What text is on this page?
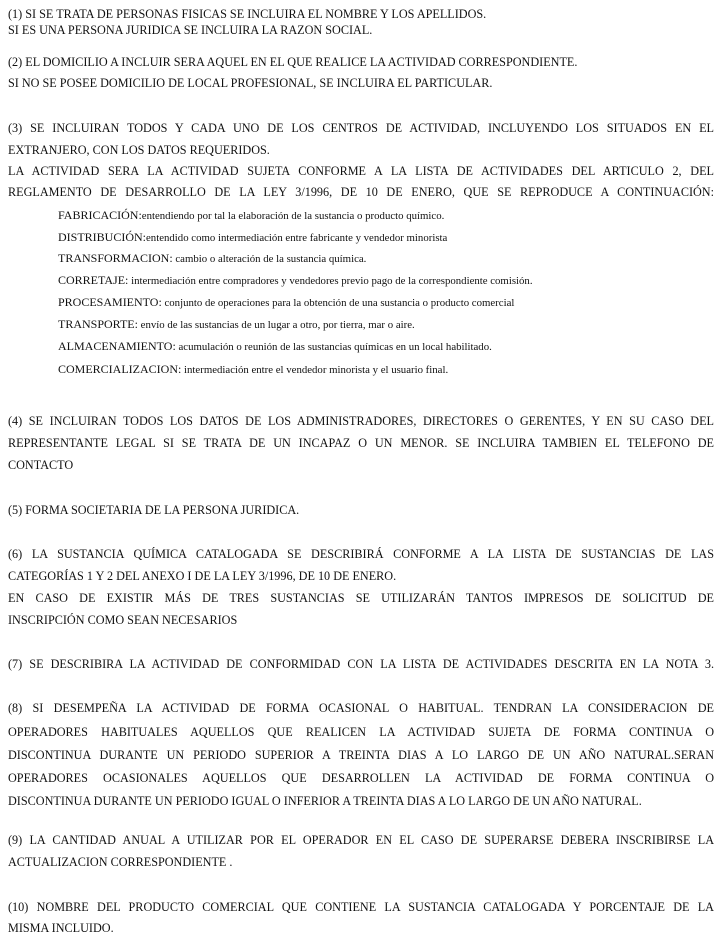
(1) SI SE TRATA DE PERSONAS FISICAS SE INCLUIRA EL NOMBRE Y LOS APELLIDOS.
SI ES UNA PERSONA JURIDICA SE INCLUIRA LA RAZON SOCIAL.
(2) EL DOMICILIO A INCLUIR SERA AQUEL EN EL QUE REALICE LA ACTIVIDAD CORRESPONDIENTE.
SI NO SE POSEE DOMICILIO DE LOCAL PROFESIONAL, SE INCLUIRA EL PARTICULAR.
(3) SE INCLUIRAN TODOS Y CADA UNO DE LOS CENTROS DE ACTIVIDAD, INCLUYENDO LOS SITUADOS EN EL
EXTRANJERO, CON LOS DATOS REQUERIDOS.
LA ACTIVIDAD SERA LA ACTIVIDAD SUJETA CONFORME A LA LISTA DE ACTIVIDADES DEL ARTICULO 2, DEL
REGLAMENTO DE DESARROLLO DE LA LEY 3/1996, DE 10 DE ENERO, QUE SE REPRODUCE A CONTINUACIÓN:
FABRICACIÓN:entendiendo por tal la elaboración de la sustancia o producto químico.
DISTRIBUCIÓN:entendido como intermediación entre fabricante y vendedor minorista
TRANSFORMACION: cambio o alteración de la sustancia química.
CORRETAJE: intermediación entre compradores y vendedores previo pago de la correspondiente comisión.
PROCESAMIENTO: conjunto de operaciones para la obtención de una sustancia o producto comercial
TRANSPORTE: envío de las sustancias de un lugar a otro, por tierra, mar o aire.
ALMACENAMIENTO: acumulación o reunión de las sustancias químicas en un local habilitado.
COMERCIALIZACION: intermediación entre el vendedor minorista y el usuario final.
(4) SE INCLUIRAN TODOS LOS DATOS DE LOS ADMINISTRADORES, DIRECTORES O GERENTES, Y EN SU CASO DEL
REPRESENTANTE LEGAL SI SE TRATA DE UN INCAPAZ O UN MENOR. SE INCLUIRA TAMBIEN EL TELEFONO DE
CONTACTO
(5) FORMA SOCIETARIA DE LA PERSONA JURIDICA.
(6) LA SUSTANCIA QUÍMICA CATALOGADA SE DESCRIBIRÁ CONFORME A LA LISTA DE SUSTANCIAS DE LAS
CATEGORÍAS 1 Y 2 DEL ANEXO I DE LA LEY 3/1996, DE 10 DE ENERO.
EN CASO DE EXISTIR MÁS DE TRES SUSTANCIAS SE UTILIZARÁN TANTOS IMPRESOS DE SOLICITUD DE
INSCRIPCIÓN COMO SEAN NECESARIOS
(7) SE DESCRIBIRA LA ACTIVIDAD DE CONFORMIDAD CON LA LISTA DE ACTIVIDADES DESCRITA EN LA NOTA 3.
(8) SI DESEMPEÑA LA ACTIVIDAD DE FORMA OCASIONAL O HABITUAL. TENDRAN LA CONSIDERACION DE
OPERADORES HABITUALES AQUELLOS QUE REALICEN LA ACTIVIDAD SUJETA DE FORMA CONTINUA O
DISCONTINUA DURANTE UN PERIODO SUPERIOR A TREINTA DIAS A LO LARGO DE UN AÑO NATURAL.SERAN
OPERADORES OCASIONALES AQUELLOS QUE DESARROLLEN LA ACTIVIDAD DE FORMA CONTINUA O
DISCONTINUA DURANTE UN PERIODO IGUAL O INFERIOR A TREINTA DIAS A LO LARGO DE UN AÑO NATURAL.
(9) LA CANTIDAD ANUAL A UTILIZAR POR EL OPERADOR EN EL CASO DE SUPERARSE DEBERA INSCRIBIRSE LA
ACTUALIZACION CORRESPONDIENTE .
(10) NOMBRE DEL PRODUCTO COMERCIAL QUE CONTIENE LA SUSTANCIA CATALOGADA Y PORCENTAJE DE LA
MISMA INCLUIDO.
